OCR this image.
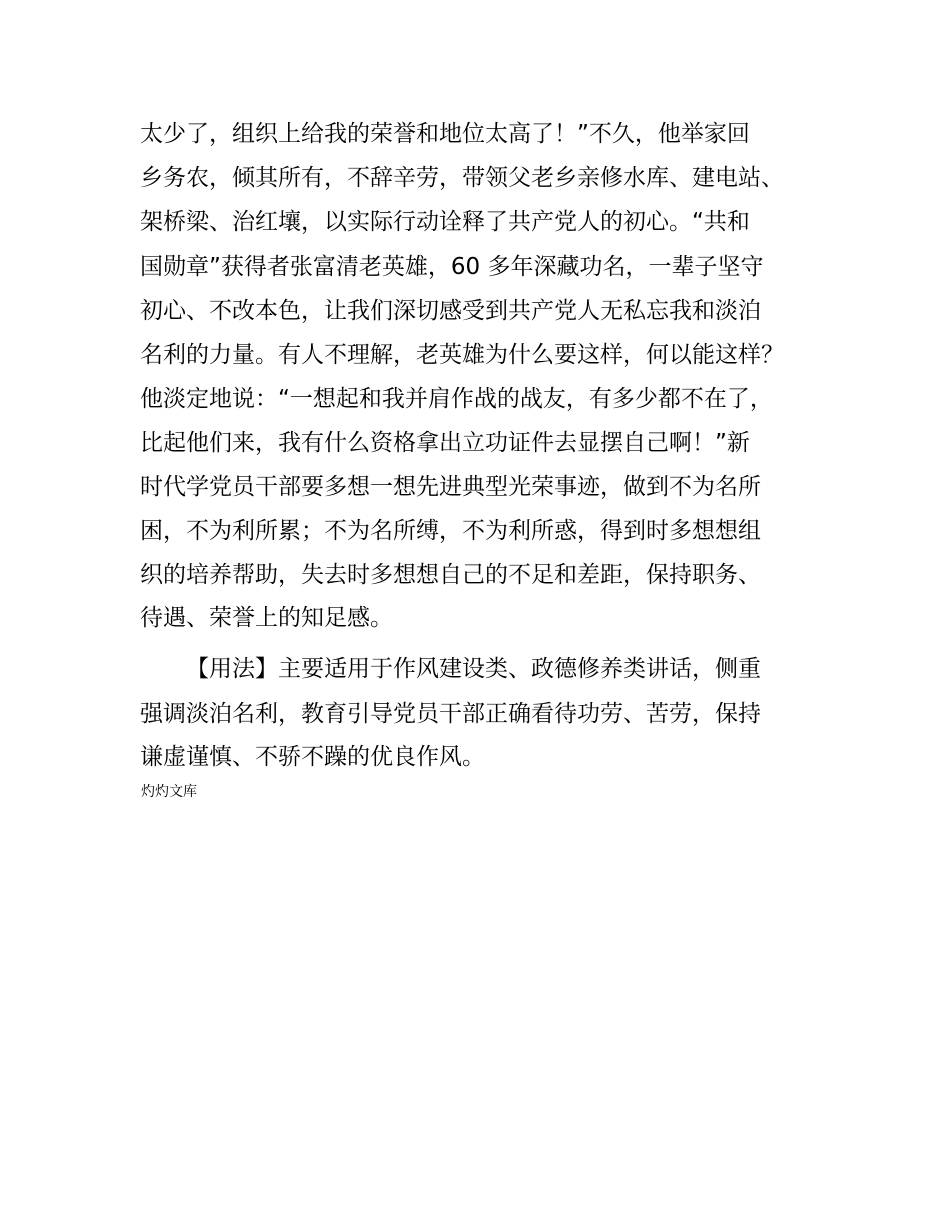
太少了，组织上给我的荣誉和地位太高了！”不久，他举家回
乡务农，倾其所有，不辞辛劳，带领父老乡亲修水库、建电站、
架桥梁、治红壤，以实际行动诠释了共产党人的初心。“共和
国勋章”获得者张富清老英雄，60 多年深藏功名，一辈子坚守
初心、不改本色，让我们深切感受到共产党人无私忘我和淡泊
名利的力量。有人不理解，老英雄为什么要这样，何以能这样？
他淡定地说：“一想起和我并肩作战的战友，有多少都不在了，
比起他们来，我有什么资格拿出立功证件去显摆自己啊！”新
时代学党员干部要多想一想先进典型光荣事迹，做到不为名所
困，不为利所累；不为名所缚，不为利所惑，得到时多想想组
织的培养帮助，失去时多想想自己的不足和差距，保持职务、
待遇、荣誉上的知足感。
【用法】主要适用于作风建设类、政德修养类讲话，侧重
强调淡泊名利，教育引导党员干部正确看待功劳、苦劳，保持
谦虚谨慎、不骄不躁的优良作风。
灼灼文库
